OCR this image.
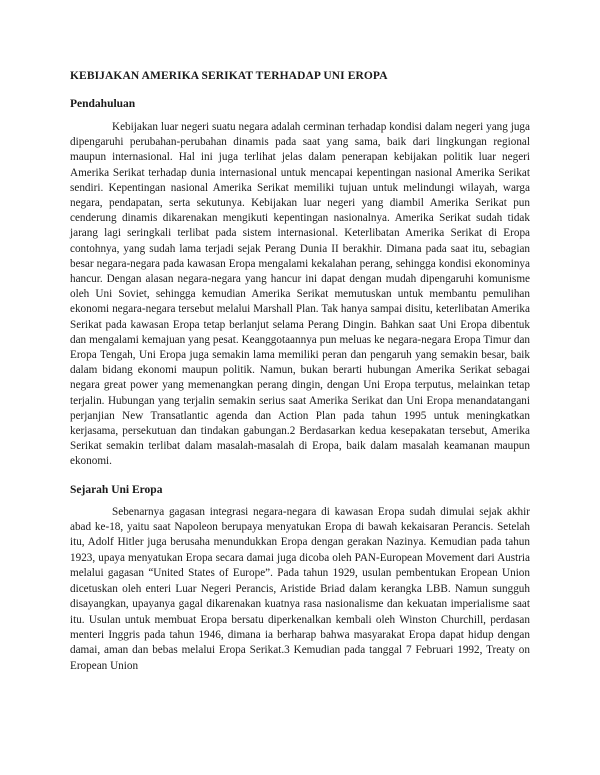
KEBIJAKAN AMERIKA SERIKAT TERHADAP UNI EROPA
Pendahuluan

Kebijakan luar negeri suatu negara adalah cerminan terhadap kondisi dalam negeri yang juga dipengaruhi perubahan-perubahan dinamis pada saat yang sama, baik dari lingkungan regional maupun internasional. Hal ini juga terlihat jelas dalam penerapan kebijakan politik luar negeri Amerika Serikat terhadap dunia internasional untuk mencapai kepentingan nasional Amerika Serikat sendiri. Kepentingan nasional Amerika Serikat memiliki tujuan untuk melindungi wilayah, warga negara, pendapatan, serta sekutunya. Kebijakan luar negeri yang diambil Amerika Serikat pun cenderung dinamis dikarenakan mengikuti kepentingan nasionalnya. Amerika Serikat sudah tidak jarang lagi seringkali terlibat pada sistem internasional. Keterlibatan Amerika Serikat di Eropa contohnya, yang sudah lama terjadi sejak Perang Dunia II berakhir. Dimana pada saat itu, sebagian besar negara-negara pada kawasan Eropa mengalami kekalahan perang, sehingga kondisi ekonominya hancur. Dengan alasan negara-negara yang hancur ini dapat dengan mudah dipengaruhi komunisme oleh Uni Soviet, sehingga kemudian Amerika Serikat memutuskan untuk membantu pemulihan ekonomi negara-negara tersebut melalui Marshall Plan. Tak hanya sampai disitu, keterlibatan Amerika Serikat pada kawasan Eropa tetap berlanjut selama Perang Dingin. Bahkan saat Uni Eropa dibentuk dan mengalami kemajuan yang pesat. Keanggotaannya pun meluas ke negara-negara Eropa Timur dan Eropa Tengah, Uni Eropa juga semakin lama memiliki peran dan pengaruh yang semakin besar, baik dalam bidang ekonomi maupun politik. Namun, bukan berarti hubungan Amerika Serikat sebagai negara great power yang memenangkan perang dingin, dengan Uni Eropa terputus, melainkan tetap terjalin. Hubungan yang terjalin semakin serius saat Amerika Serikat dan Uni Eropa menandatangani perjanjian New Transatlantic agenda dan Action Plan pada tahun 1995 untuk meningkatkan kerjasama, persekutuan dan tindakan gabungan.2 Berdasarkan kedua kesepakatan tersebut, Amerika Serikat semakin terlibat dalam masalah-masalah di Eropa, baik dalam masalah keamanan maupun ekonomi.

Sejarah Uni Eropa

Sebenarnya gagasan integrasi negara-negara di kawasan Eropa sudah dimulai sejak akhir abad ke-18, yaitu saat Napoleon berupaya menyatukan Eropa di bawah kekaisaran Perancis. Setelah itu, Adolf Hitler juga berusaha menundukkan Eropa dengan gerakan Nazinya. Kemudian pada tahun 1923, upaya menyatukan Eropa secara damai juga dicoba oleh PAN-European Movement dari Austria melalui gagasan “United States of Europe”. Pada tahun 1929, usulan pembentukan Eropean Union dicetuskan oleh enteri Luar Negeri Perancis, Aristide Briad dalam kerangka LBB. Namun sungguh disayangkan, upayanya gagal dikarenakan kuatnya rasa nasionalisme dan kekuatan imperialisme saat itu. Usulan untuk membuat Eropa bersatu diperkenalkan kembali oleh Winston Churchill, perdasan menteri Inggris pada tahun 1946, dimana ia berharap bahwa masyarakat Eropa dapat hidup dengan damai, aman dan bebas melalui Eropa Serikat.3 Kemudian pada tanggal 7 Februari 1992, Treaty on Eropean Union
